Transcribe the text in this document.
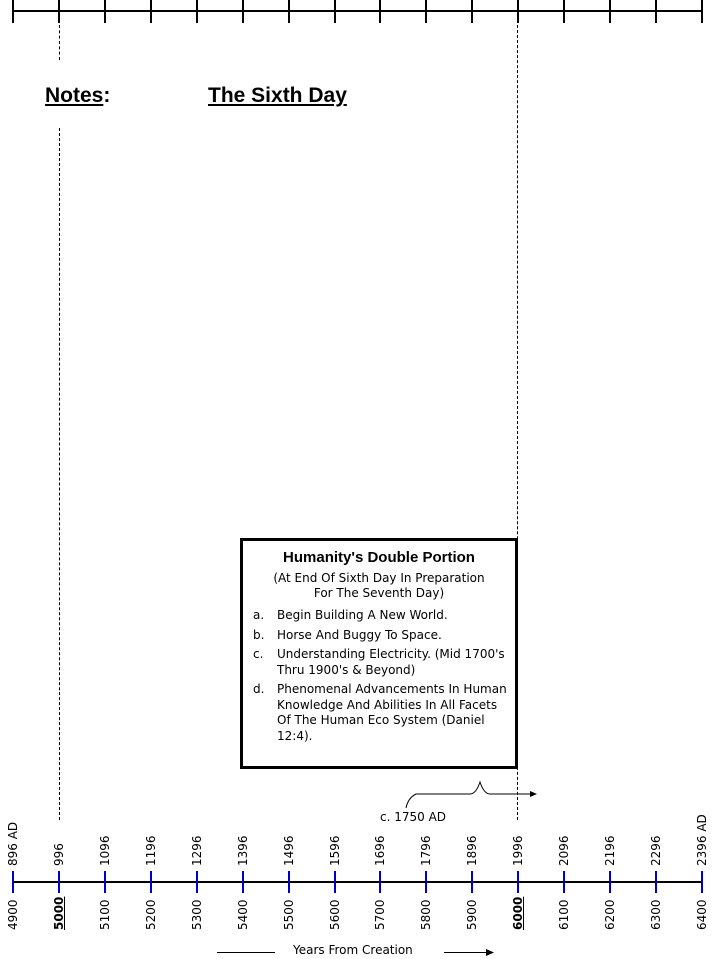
Notes:	The Sixth Day
Humanity's Double Portion
(At End Of Sixth Day In Preparation
For The Seventh Day)
a.	Begin Building A New World.
b.	Horse And Buggy To Space.
c.	Understanding Electricity. (Mid 1700's Thru 1900's & Beyond)
d.	Phenomenal Advancements In Human Knowledge And Abilities In All Facets Of The Human Eco System (Daniel 12:4).
c. 1750 AD
896 AD
4900
996
5000
1096
5100
1196
5200
1296
5300
1396
5400
1496
5500
1596
5600
1696
5700
1796
5800
1896
5900
1996
6000
2096
6100
2196
6200
2296
6300
2396 AD
6400
Years From Creation
